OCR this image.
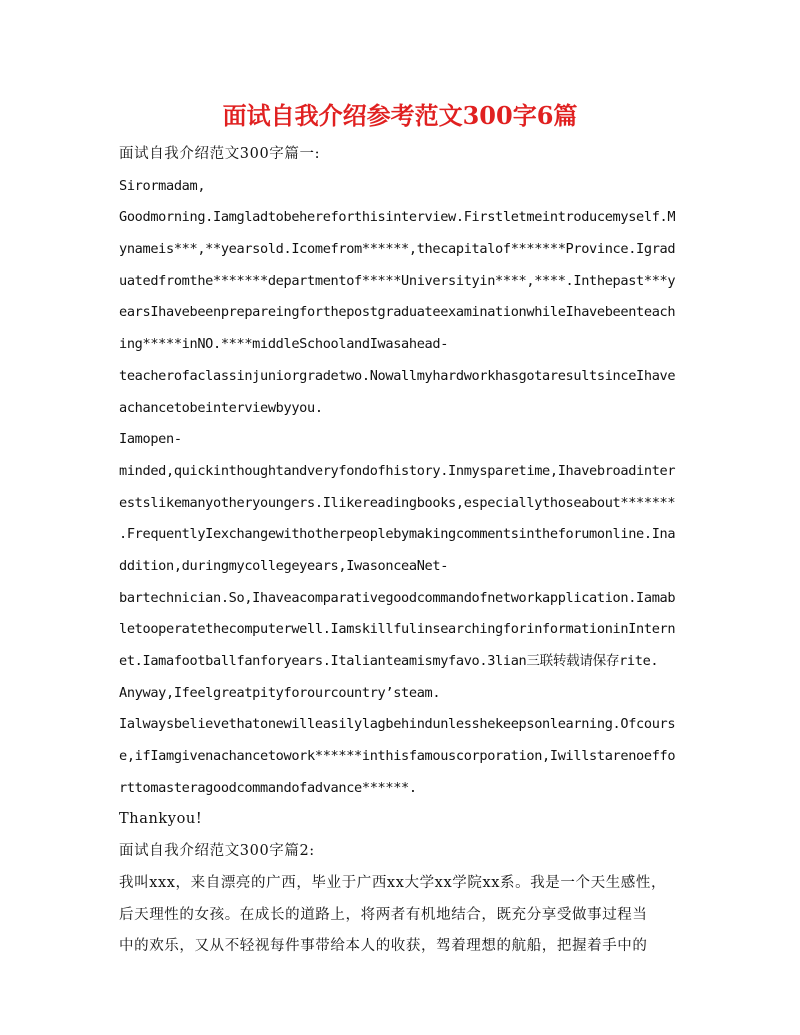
面试自我介绍参考范文300字6篇
面试自我介绍范文300字篇一:
Sirormadam,
Goodmorning.Iamgladtobehereforthisinterview.Firstletmeintroducemyself.M
ynameis***,**yearsold.Icomefrom******,thecapitalof*******Province.Igrad
uatedfromthe*******departmentof*****Universityin****,****.Inthepast***y
earsIhavebeenprepareingforthepostgraduateexaminationwhileIhavebeenteach
ing*****inNO.****middleSchoolandIwasahead-
teacherofaclassinjuniorgradetwo.NowallmyhardworkhasgotaresultsinceIhave
achancetobeinterviewbyyou.
Iamopen-
minded,quickinthoughtandveryfondofhistory.Inmysparetime,Ihavebroadinter
estslikemanyotheryoungers.Ilikereadingbooks,especiallythoseabout*******
.FrequentlyIexchangewithotherpeoplebymakingcommentsintheforumonline.Ina
ddition,duringmycollegeyears,IwasonceaNet-
bartechnician.So,Ihaveacomparativegoodcommandofnetworkapplication.Iamab
letooperatethecomputerwell.IamskillfulinsearchingforinformationinIntern
et.Iamafootballfanforyears.Italianteamismyfavo.3lian三联转载请保存rite.
Anyway,Ifeelgreatpityforourcountry’steam.
Ialwaysbelievethatonewilleasilylagbehindunlesshekeepsonlearning.Ofcours
e,ifIamgivenachancetowork******inthisfamouscorporation,Iwillstarenoeffo
rttomasteragoodcommandofadvance******.
Thankyou!
面试自我介绍范文300字篇2:
我叫xxx，来自漂亮的广西，毕业于广西xx大学xx学院xx系。我是一个天生感性，
后天理性的女孩。在成长的道路上，将两者有机地结合，既充分享受做事过程当
中的欢乐，又从不轻视每件事带给本人的收获，驾着理想的航船，把握着手中的
